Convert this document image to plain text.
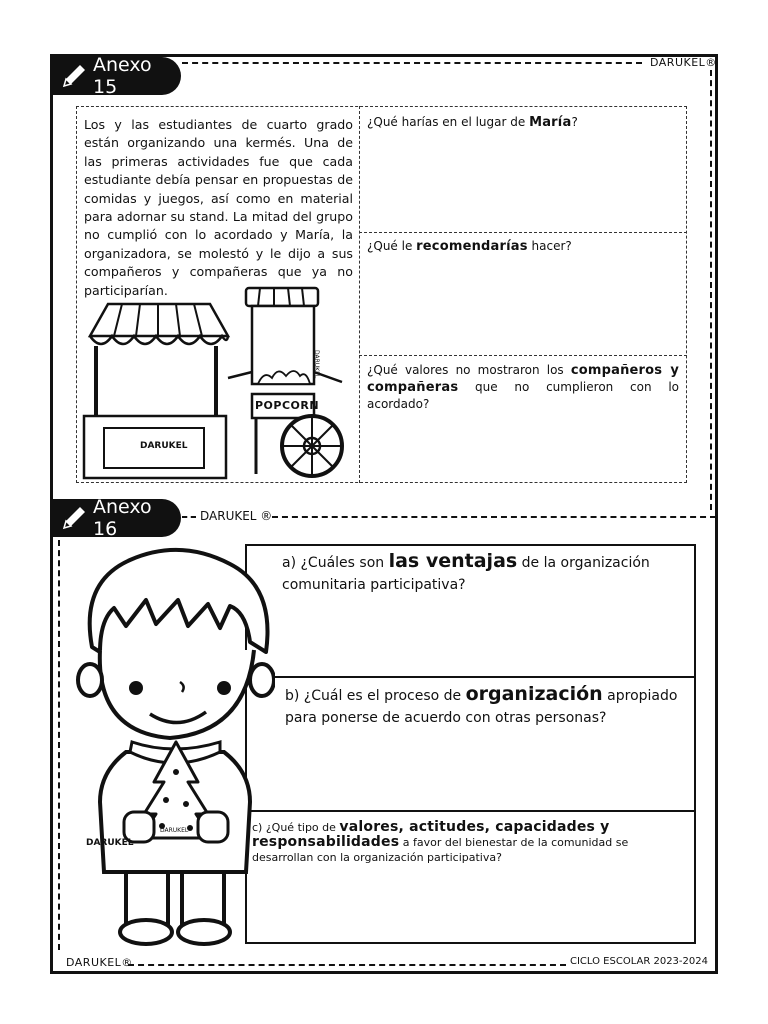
Anexo 15
DARUKEL®
Los y las estudiantes de cuarto grado están organizando una kermés. Una de las primeras actividades fue que cada estudiante debía pensar en propuestas de comidas y juegos, así como en material para adornar su stand. La mitad del grupo no cumplió con lo acordado y María, la organizadora, se molestó y le dijo a sus compañeros y compañeras que ya no participarían.
DARUKEL
POPCORN
DARUKEL
¿Qué harías en el lugar de María?
¿Qué le recomendarías hacer?
¿Qué valores no mostraron los compañeros y compañeras que no cumplieron con lo acordado?
Anexo 16
DARUKEL ®
a) ¿Cuáles son las ventajas de la organización comunitaria participativa?
b) ¿Cuál es el proceso de organización apropiado para ponerse de acuerdo con otras personas?
c) ¿Qué tipo de valores, actitudes, capacidades y responsabilidades a favor del bienestar de la comunidad se desarrollan con la organización participativa?
DARUKEL
DARUKEL
DARUKEL®	CICLO ESCOLAR 2023-2024
